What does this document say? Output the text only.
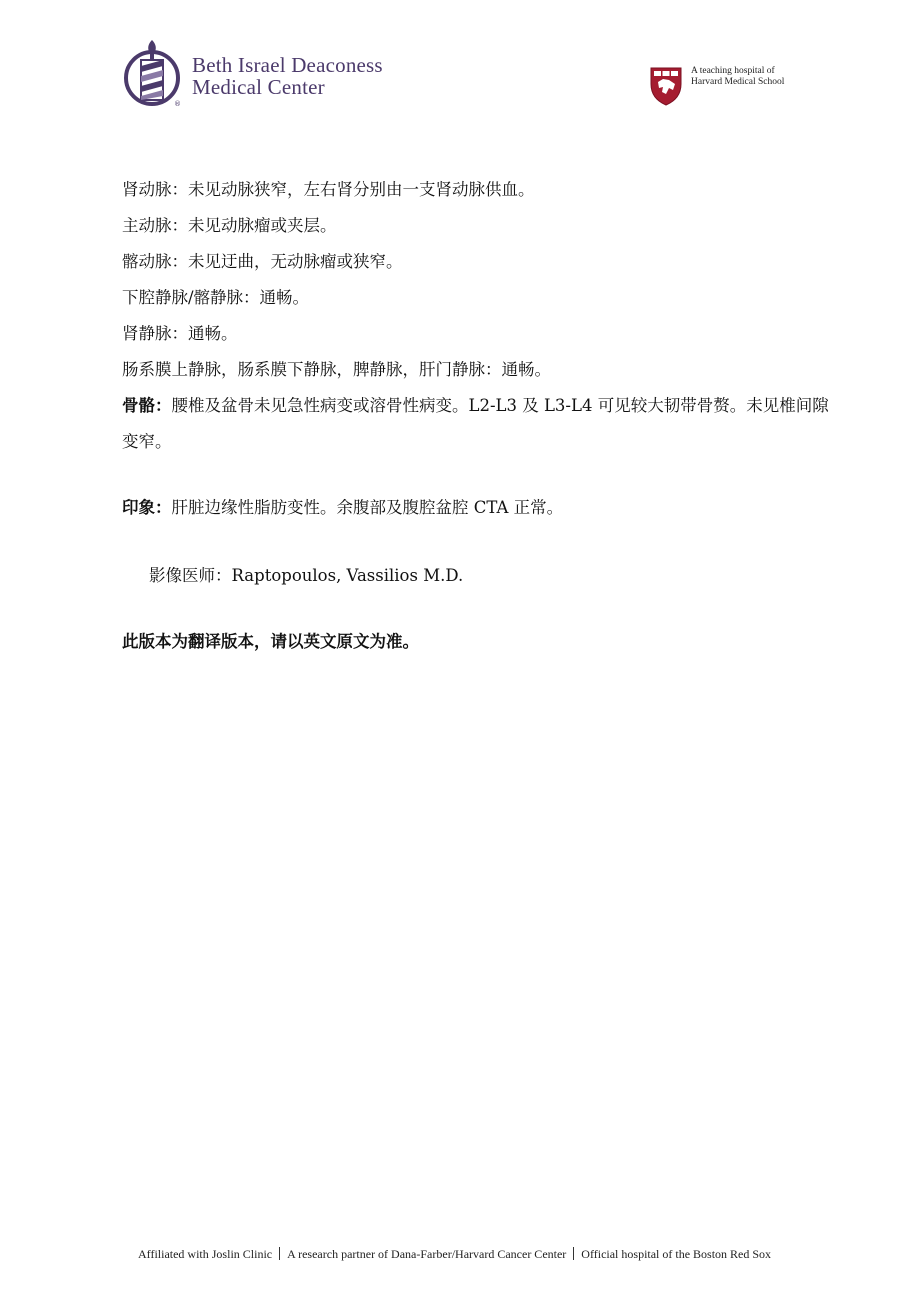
®
Beth Israel Deaconess
Medical Center
A teaching hospital of
Harvard Medical School
肾动脉：未见动脉狭窄，左右肾分别由一支肾动脉供血。
主动脉：未见动脉瘤或夹层。
髂动脉：未见迂曲，无动脉瘤或狭窄。
下腔静脉/髂静脉：通畅。
肾静脉：通畅。
肠系膜上静脉，肠系膜下静脉，脾静脉，肝门静脉：通畅。
骨骼：腰椎及盆骨未见急性病变或溶骨性病变。L2-L3 及 L3-L4 可见较大韧带骨赘。未见椎间隙变窄。
印象：肝脏边缘性脂肪变性。余腹部及腹腔盆腔 CTA 正常。
影像医师：Raptopoulos, Vassilios M.D.
此版本为翻译版本，请以英文原文为准。
Affiliated with Joslin Clinic A research partner of Dana-Farber/Harvard Cancer Center Official hospital of the Boston Red Sox
